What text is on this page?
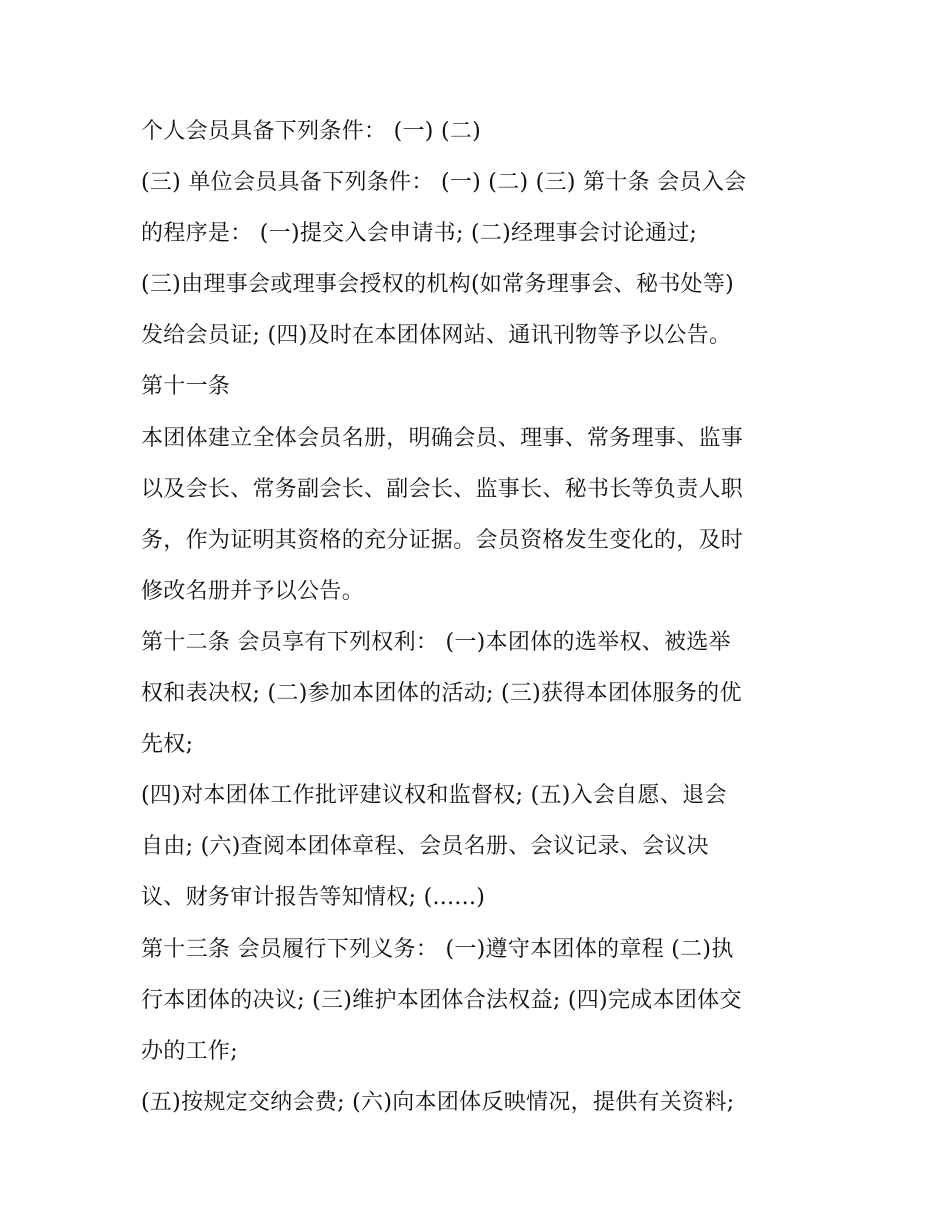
个人会员具备下列条件： (一) (二)
(三) 单位会员具备下列条件： (一) (二) (三) 第十条 会员入会
的程序是： (一)提交入会申请书; (二)经理事会讨论通过;
(三)由理事会或理事会授权的机构(如常务理事会、秘书处等)
发给会员证; (四)及时在本团体网站、通讯刊物等予以公告。
第十一条
本团体建立全体会员名册，明确会员、理事、常务理事、监事
以及会长、常务副会长、副会长、监事长、秘书长等负责人职
务，作为证明其资格的充分证据。会员资格发生变化的，及时
修改名册并予以公告。
第十二条 会员享有下列权利： (一)本团体的选举权、被选举
权和表决权; (二)参加本团体的活动; (三)获得本团体服务的优
先权;
(四)对本团体工作批评建议权和监督权; (五)入会自愿、退会
自由; (六)查阅本团体章程、会员名册、会议记录、会议决
议、财务审计报告等知情权; (......)
第十三条 会员履行下列义务： (一)遵守本团体的章程 (二)执
行本团体的决议; (三)维护本团体合法权益; (四)完成本团体交
办的工作;
(五)按规定交纳会费; (六)向本团体反映情况，提供有关资料;
